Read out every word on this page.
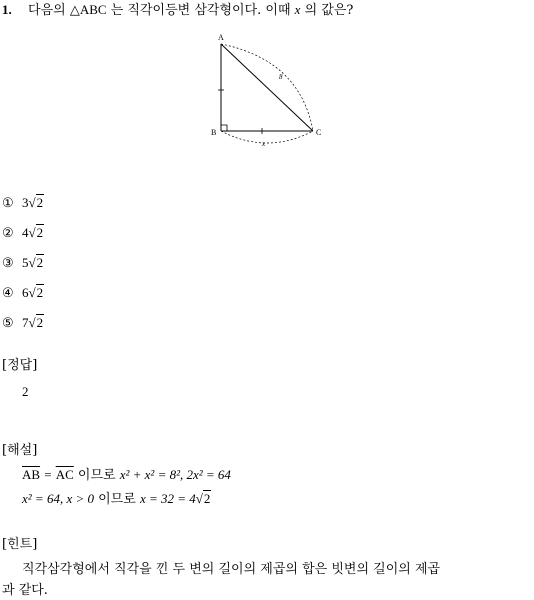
1. 다음의 △ABC 는 직각이등변 삼각형이다. 이때 x 의 값은?
A
B	C
8
x
① 3√2
② 4√2
③ 5√2
④ 6√2
⑤ 7√2
[정답]
2
[해설]
$\overline{AB} = \overline{AC}$ 이므로 x² + x² = 8², 2x² = 64
x² = 64, x > 0 이므로 x = 32 = 4√2
[힌트]
직각삼각형에서 직각을 낀 두 변의 길이의 제곱의 합은 빗변의 길이의 제곱
과 같다.
